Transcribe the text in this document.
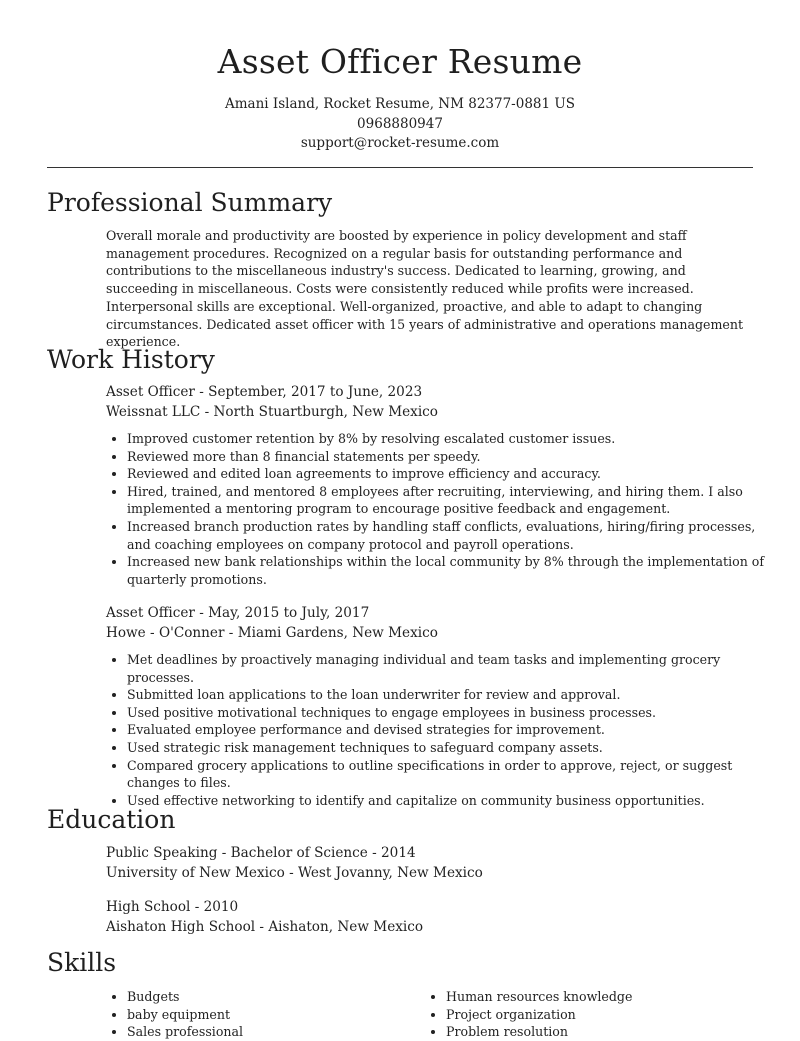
Asset Officer Resume
Amani Island, Rocket Resume, NM 82377-0881 US
0968880947
support@rocket-resume.com
Professional Summary

Overall morale and productivity are boosted by experience in policy development and staff management procedures. Recognized on a regular basis for outstanding performance and contributions to the miscellaneous industry's success. Dedicated to learning, growing, and succeeding in miscellaneous. Costs were consistently reduced while profits were increased. Interpersonal skills are exceptional. Well-organized, proactive, and able to adapt to changing circumstances. Dedicated asset officer with 15 years of administrative and operations management experience.

Work History
Asset Officer - September, 2017 to June, 2023
Weissnat LLC - North Stuartburgh, New Mexico
• Improved customer retention by 8% by resolving escalated customer issues.
• Reviewed more than 8 financial statements per speedy.
• Reviewed and edited loan agreements to improve efficiency and accuracy.
• Hired, trained, and mentored 8 employees after recruiting, interviewing, and hiring them. I also implemented a mentoring program to encourage positive feedback and engagement.
• Increased branch production rates by handling staff conflicts, evaluations, hiring/firing processes, and coaching employees on company protocol and payroll operations.
• Increased new bank relationships within the local community by 8% through the implementation of quarterly promotions.
Asset Officer - May, 2015 to July, 2017
Howe - O'Conner - Miami Gardens, New Mexico
• Met deadlines by proactively managing individual and team tasks and implementing grocery processes.
• Submitted loan applications to the loan underwriter for review and approval.
• Used positive motivational techniques to engage employees in business processes.
• Evaluated employee performance and devised strategies for improvement.
• Used strategic risk management techniques to safeguard company assets.
• Compared grocery applications to outline specifications in order to approve, reject, or suggest changes to files.
• Used effective networking to identify and capitalize on community business opportunities.
Education
Public Speaking - Bachelor of Science - 2014
University of New Mexico - West Jovanny, New Mexico
High School - 2010
Aishaton High School - Aishaton, New Mexico
Skills
• Budgets
• baby equipment
• Sales professional
• Human resources knowledge
• Project organization
• Problem resolution
